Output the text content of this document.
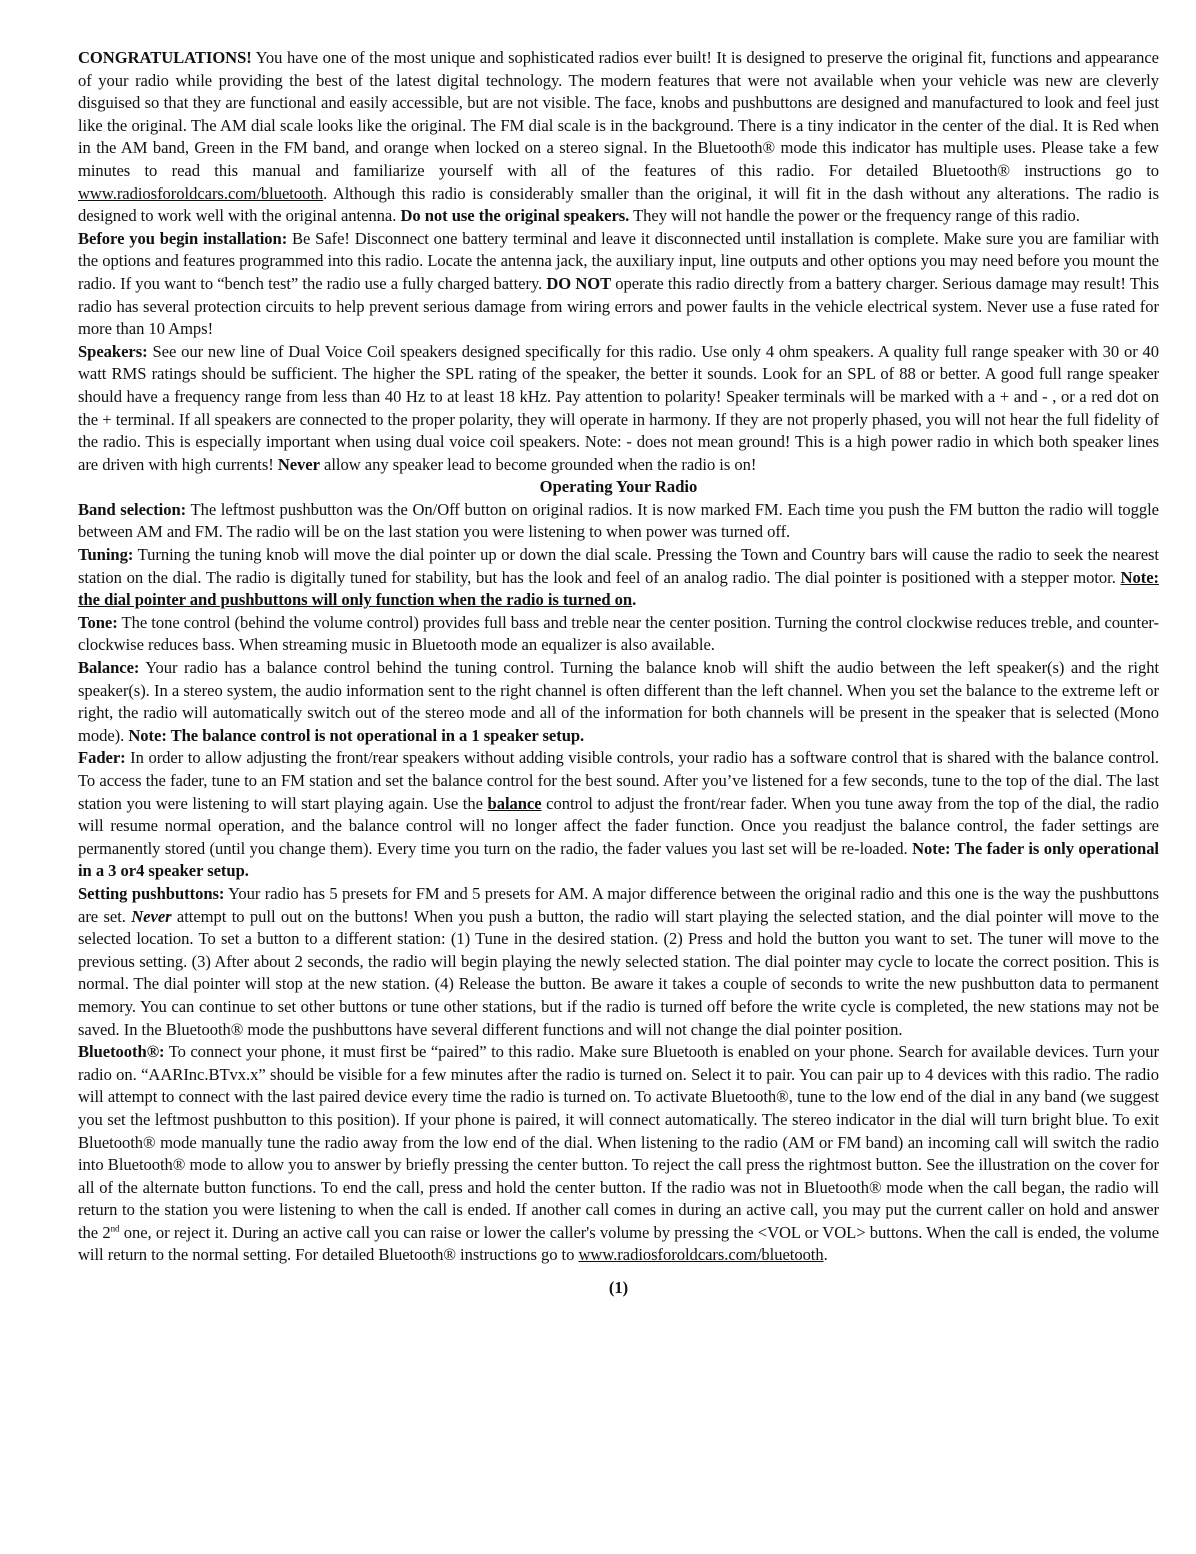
CONGRATULATIONS! You have one of the most unique and sophisticated radios ever built! It is designed to preserve the original fit, functions and appearance of your radio while providing the best of the latest digital technology. The modern features that were not available when your vehicle was new are cleverly disguised so that they are functional and easily accessible, but are not visible. The face, knobs and pushbuttons are designed and manufactured to look and feel just like the original. The AM dial scale looks like the original. The FM dial scale is in the background. There is a tiny indicator in the center of the dial. It is Red when in the AM band, Green in the FM band, and orange when locked on a stereo signal. In the Bluetooth® mode this indicator has multiple uses. Please take a few minutes to read this manual and familiarize yourself with all of the features of this radio. For detailed Bluetooth® instructions go to www.radiosforoldcars.com/bluetooth. Although this radio is considerably smaller than the original, it will fit in the dash without any alterations. The radio is designed to work well with the original antenna. Do not use the original speakers. They will not handle the power or the frequency range of this radio.

Before you begin installation: Be Safe! Disconnect one battery terminal and leave it disconnected until installation is complete. Make sure you are familiar with the options and features programmed into this radio. Locate the antenna jack, the auxiliary input, line outputs and other options you may need before you mount the radio. If you want to “bench test” the radio use a fully charged battery. DO NOT operate this radio directly from a battery charger. Serious damage may result! This radio has several protection circuits to help prevent serious damage from wiring errors and power faults in the vehicle electrical system. Never use a fuse rated for more than 10 Amps!

Speakers: See our new line of Dual Voice Coil speakers designed specifically for this radio. Use only 4 ohm speakers. A quality full range speaker with 30 or 40 watt RMS ratings should be sufficient. The higher the SPL rating of the speaker, the better it sounds. Look for an SPL of 88 or better. A good full range speaker should have a frequency range from less than 40 Hz to at least 18 kHz. Pay attention to polarity! Speaker terminals will be marked with a + and - , or a red dot on the + terminal. If all speakers are connected to the proper polarity, they will operate in harmony. If they are not properly phased, you will not hear the full fidelity of the radio. This is especially important when using dual voice coil speakers. Note: - does not mean ground! This is a high power radio in which both speaker lines are driven with high currents! Never allow any speaker lead to become grounded when the radio is on!

Operating Your Radio

Band selection: The leftmost pushbutton was the On/Off button on original radios. It is now marked FM. Each time you push the FM button the radio will toggle between AM and FM. The radio will be on the last station you were listening to when power was turned off.

Tuning: Turning the tuning knob will move the dial pointer up or down the dial scale. Pressing the Town and Country bars will cause the radio to seek the nearest station on the dial. The radio is digitally tuned for stability, but has the look and feel of an analog radio. The dial pointer is positioned with a stepper motor. Note: the dial pointer and pushbuttons will only function when the radio is turned on.

Tone: The tone control (behind the volume control) provides full bass and treble near the center position. Turning the control clockwise reduces treble, and counter-clockwise reduces bass. When streaming music in Bluetooth mode an equalizer is also available.

Balance: Your radio has a balance control behind the tuning control. Turning the balance knob will shift the audio between the left speaker(s) and the right speaker(s). In a stereo system, the audio information sent to the right channel is often different than the left channel. When you set the balance to the extreme left or right, the radio will automatically switch out of the stereo mode and all of the information for both channels will be present in the speaker that is selected (Mono mode). Note: The balance control is not operational in a 1 speaker setup.

Fader: In order to allow adjusting the front/rear speakers without adding visible controls, your radio has a software control that is shared with the balance control. To access the fader, tune to an FM station and set the balance control for the best sound. After you’ve listened for a few seconds, tune to the top of the dial. The last station you were listening to will start playing again. Use the balance control to adjust the front/rear fader. When you tune away from the top of the dial, the radio will resume normal operation, and the balance control will no longer affect the fader function. Once you readjust the balance control, the fader settings are permanently stored (until you change them). Every time you turn on the radio, the fader values you last set will be re-loaded. Note: The fader is only operational in a 3 or4 speaker setup.

Setting pushbuttons: Your radio has 5 presets for FM and 5 presets for AM. A major difference between the original radio and this one is the way the pushbuttons are set. Never attempt to pull out on the buttons! When you push a button, the radio will start playing the selected station, and the dial pointer will move to the selected location. To set a button to a different station: (1) Tune in the desired station. (2) Press and hold the button you want to set. The tuner will move to the previous setting. (3) After about 2 seconds, the radio will begin playing the newly selected station. The dial pointer may cycle to locate the correct position. This is normal. The dial pointer will stop at the new station. (4) Release the button. Be aware it takes a couple of seconds to write the new pushbutton data to permanent memory. You can continue to set other buttons or tune other stations, but if the radio is turned off before the write cycle is completed, the new stations may not be saved. In the Bluetooth® mode the pushbuttons have several different functions and will not change the dial pointer position.

Bluetooth®: To connect your phone, it must first be “paired” to this radio. Make sure Bluetooth is enabled on your phone. Search for available devices. Turn your radio on. “AARInc.BTvx.x” should be visible for a few minutes after the radio is turned on. Select it to pair. You can pair up to 4 devices with this radio. The radio will attempt to connect with the last paired device every time the radio is turned on. To activate Bluetooth®, tune to the low end of the dial in any band (we suggest you set the leftmost pushbutton to this position). If your phone is paired, it will connect automatically. The stereo indicator in the dial will turn bright blue. To exit Bluetooth® mode manually tune the radio away from the low end of the dial. When listening to the radio (AM or FM band) an incoming call will switch the radio into Bluetooth® mode to allow you to answer by briefly pressing the center button. To reject the call press the rightmost button. See the illustration on the cover for all of the alternate button functions. To end the call, press and hold the center button. If the radio was not in Bluetooth® mode when the call began, the radio will return to the station you were listening to when the call is ended. If another call comes in during an active call, you may put the current caller on hold and answer the 2nd one, or reject it. During an active call you can raise or lower the caller's volume by pressing the <VOL or VOL> buttons. When the call is ended, the volume will return to the normal setting. For detailed Bluetooth® instructions go to www.radiosforoldcars.com/bluetooth.

(1)
